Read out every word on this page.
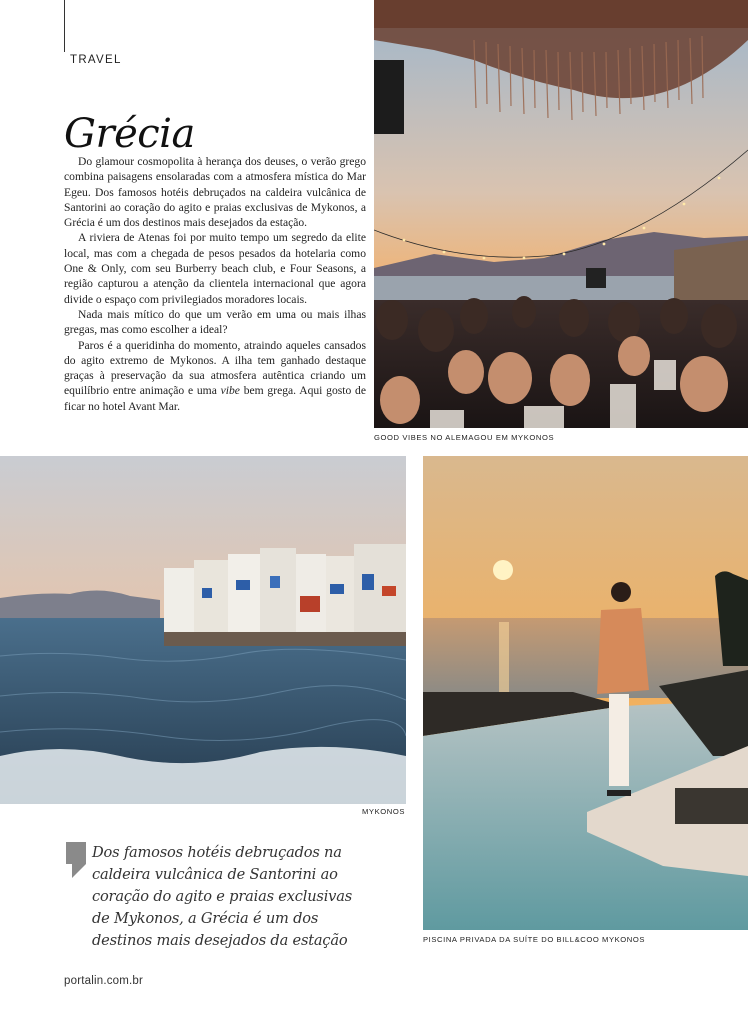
TRAVEL
Grécia

Do glamour cosmopolita à herança dos deuses, o verão grego combina paisagens ensolaradas com a atmosfera mística do Mar Egeu. Dos famosos hotéis debruçados na caldeira vulcânica de Santorini ao coração do agito e praias exclusivas de Mykonos, a Grécia é um dos destinos mais desejados da estação.

A riviera de Atenas foi por muito tempo um segredo da elite local, mas com a chegada de pesos pesados da hotelaria como One & Only, com seu Burberry beach club, e Four Seasons, a região capturou a atenção da clientela internacional que agora divide o espaço com privilegiados moradores locais.

Nada mais mítico do que um verão em uma ou mais ilhas gregas, mas como escolher a ideal?

Paros é a queridinha do momento, atraindo aqueles cansados do agito extremo de Mykonos. A ilha tem ganhado destaque graças à preservação da sua atmosfera autêntica criando um equilíbrio entre animação e uma vibe bem grega. Aqui gosto de ficar no hotel Avant Mar.

GOOD VIBES NO ALEMAGOU EM MYKONOS
MYKONOS
PISCINA PRIVADA DA SUÍTE DO BILL&COO MYKONOS
Dos famosos hotéis debruçados na caldeira vulcânica de Santorini ao coração do agito e praias exclusivas de Mykonos, a Grécia é um dos destinos mais desejados da estação
portalin.com.br
